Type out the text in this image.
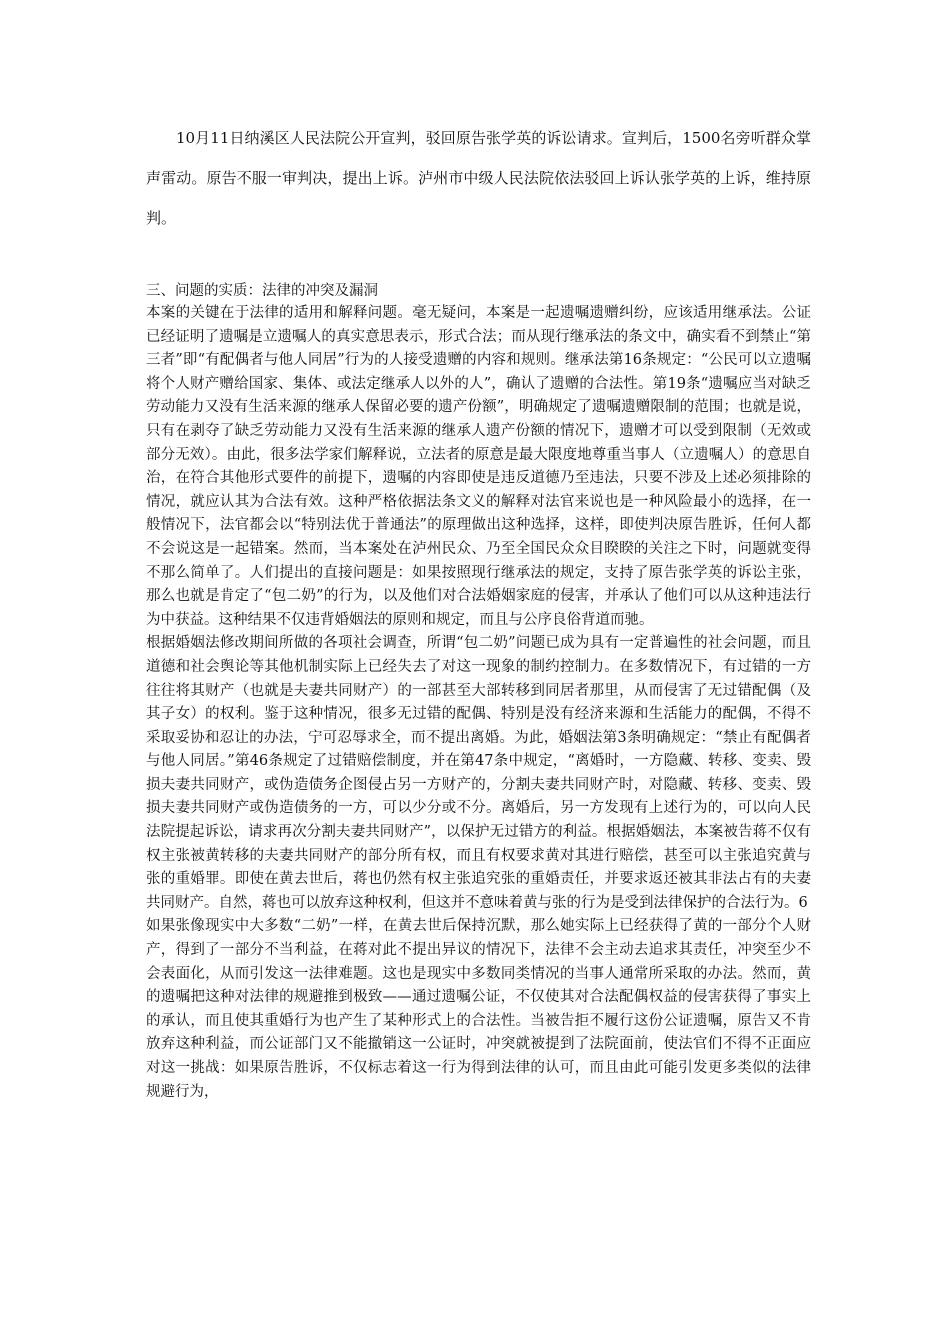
10月11日纳溪区人民法院公开宣判，驳回原告张学英的诉讼请求。宣判后，1500名旁听群众掌声雷动。原告不服一审判决，提出上诉。泸州市中级人民法院依法驳回上诉认张学英的上诉，维持原判。

三、问题的实质：法律的冲突及漏洞

本案的关键在于法律的适用和解释问题。毫无疑问，本案是一起遗嘱遗赠纠纷，应该适用继承法。公证已经证明了遗嘱是立遗嘱人的真实意思表示，形式合法；而从现行继承法的条文中，确实看不到禁止“第三者”即“有配偶者与他人同居”行为的人接受遗赠的内容和规则。继承法第16条规定：“公民可以立遗嘱将个人财产赠给国家、集体、或法定继承人以外的人”，确认了遗赠的合法性。第19条“遗嘱应当对缺乏劳动能力又没有生活来源的继承人保留必要的遗产份额”，明确规定了遗嘱遗赠限制的范围；也就是说，只有在剥夺了缺乏劳动能力又没有生活来源的继承人遗产份额的情况下，遗赠才可以受到限制（无效或部分无效）。由此，很多法学家们解释说，立法者的原意是最大限度地尊重当事人（立遗嘱人）的意思自治，在符合其他形式要件的前提下，遗嘱的内容即使是违反道德乃至违法，只要不涉及上述必须排除的情况，就应认其为合法有效。这种严格依据法条文义的解释对法官来说也是一种风险最小的选择，在一般情况下，法官都会以“特别法优于普通法”的原理做出这种选择，这样，即使判决原告胜诉，任何人都不会说这是一起错案。然而，当本案处在泸州民众、乃至全国民众众目睽睽的关注之下时，问题就变得不那么简单了。人们提出的直接问题是：如果按照现行继承法的规定，支持了原告张学英的诉讼主张，那么也就是肯定了“包二奶”的行为，以及他们对合法婚姻家庭的侵害，并承认了他们可以从这种违法行为中获益。这种结果不仅违背婚姻法的原则和规定，而且与公序良俗背道而驰。

根据婚姻法修改期间所做的各项社会调查，所谓“包二奶”问题已成为具有一定普遍性的社会问题，而且道德和社会舆论等其他机制实际上已经失去了对这一现象的制约控制力。在多数情况下，有过错的一方往往将其财产（也就是夫妻共同财产）的一部甚至大部转移到同居者那里，从而侵害了无过错配偶（及其子女）的权利。鉴于这种情况，很多无过错的配偶、特别是没有经济来源和生活能力的配偶，不得不采取妥协和忍让的办法，宁可忍辱求全，而不提出离婚。为此，婚姻法第3条明确规定：“禁止有配偶者与他人同居。”第46条规定了过错赔偿制度，并在第47条中规定，“离婚时，一方隐藏、转移、变卖、毁损夫妻共同财产，或伪造债务企图侵占另一方财产的，分割夫妻共同财产时，对隐藏、转移、变卖、毁损夫妻共同财产或伪造债务的一方，可以少分或不分。离婚后，另一方发现有上述行为的，可以向人民法院提起诉讼，请求再次分割夫妻共同财产”，以保护无过错方的利益。根据婚姻法，本案被告蒋不仅有权主张被黄转移的夫妻共同财产的部分所有权，而且有权要求黄对其进行赔偿，甚至可以主张追究黄与张的重婚罪。即使在黄去世后，蒋也仍然有权主张追究张的重婚责任，并要求返还被其非法占有的夫妻共同财产。自然，蒋也可以放弃这种权利，但这并不意味着黄与张的行为是受到法律保护的合法行为。6

如果张像现实中大多数“二奶”一样，在黄去世后保持沉默，那么她实际上已经获得了黄的一部分个人财产，得到了一部分不当利益，在蒋对此不提出异议的情况下，法律不会主动去追求其责任，冲突至少不会表面化，从而引发这一法律难题。这也是现实中多数同类情况的当事人通常所采取的办法。然而，黄的遗嘱把这种对法律的规避推到极致——通过遗嘱公证，不仅使其对合法配偶权益的侵害获得了事实上的承认，而且使其重婚行为也产生了某种形式上的合法性。当被告拒不履行这份公证遗嘱，原告又不肯放弃这种利益，而公证部门又不能撤销这一公证时，冲突就被提到了法院面前，使法官们不得不正面应对这一挑战：如果原告胜诉，不仅标志着这一行为得到法律的认可，而且由此可能引发更多类似的法律规避行为，
